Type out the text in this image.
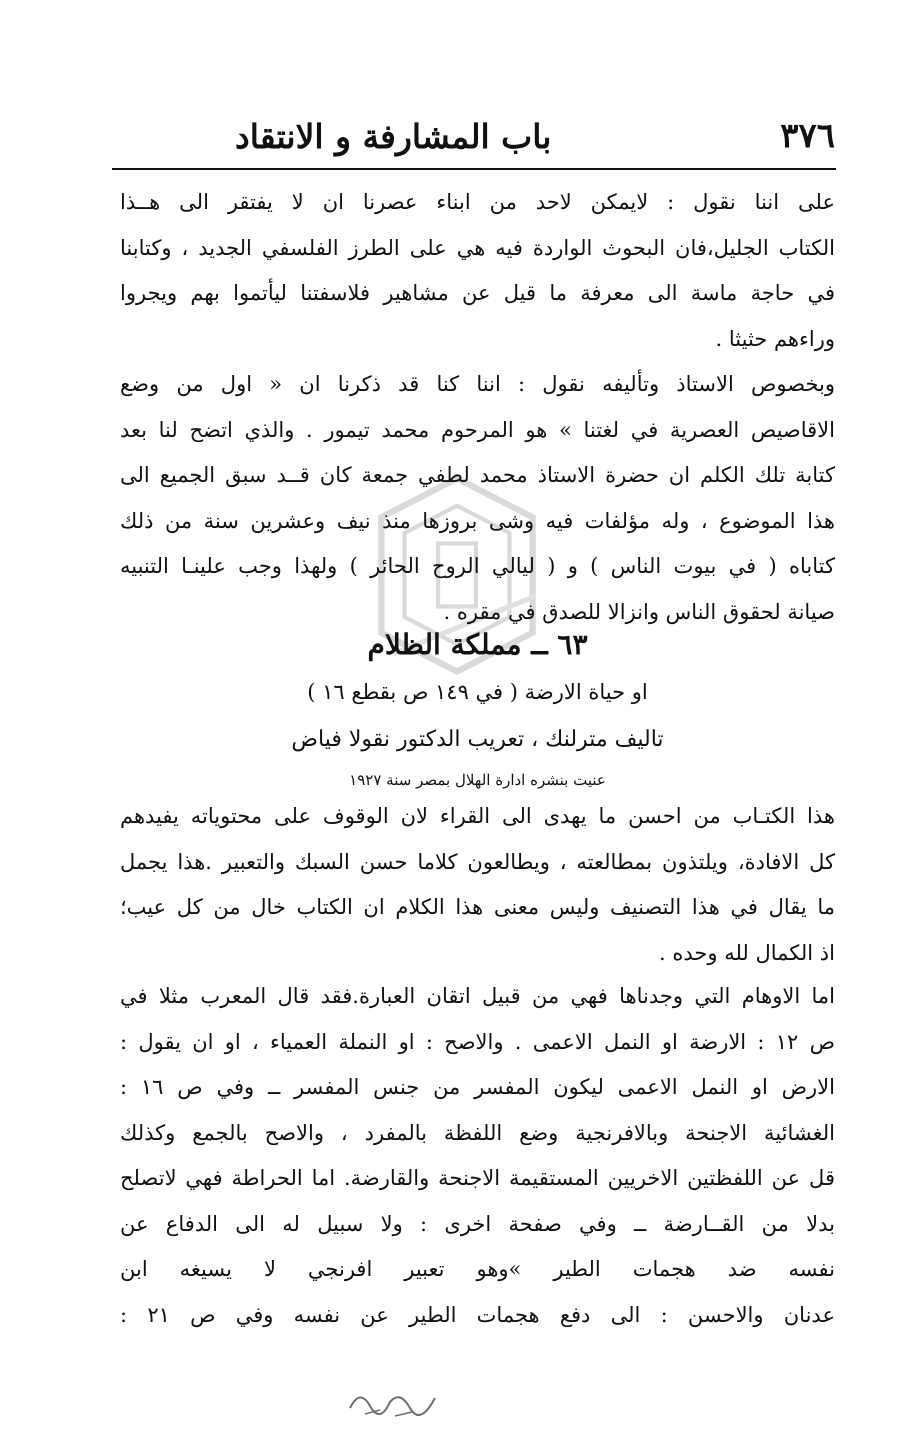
٣٧٦
باب المشارفة و الانتقاد

على اننا نقول : لايمكن لاحد من ابناء عصرنا ان لا يفتقر الى هــذا
الكتاب الجليل،فان البحوث الواردة فيه هي على الطرز الفلسفي الجديد ، وكتابنا
في حاجة ماسة الى معرفة ما قيل عن مشاهير فلاسفتنا ليأتموا بهم ويجروا
وراءهم حثيثا .

وبخصوص الاستاذ وتأليفه نقول : اننا كنا قد ذكرنا ان « اول من وضع
الاقاصيص العصرية في لغتنا » هو المرحوم محمد تيمور . والذي اتضح لنا بعد
كتابة تلك الكلم ان حضرة الاستاذ محمد لطفي جمعة كان قــد سبق الجميع الى
هذا الموضوع ، وله مؤلفات فيه وشى بروزها منذ نيف وعشرين سنة من ذلك
كتاباه ( في بيوت الناس ) و ( ليالي الروح الحائر ) ولهذا وجب علينـا التنبيه
صيانة لحقوق الناس وانزالا للصدق في مقره .

٦٣ ــ مملكة الظلام
او حياة الارضة ( في ١٤٩ ص بقطع ١٦ )
تاليف مترلنك ، تعريب الدكتور نقولا فياض
عنيت بنشره ادارة الهلال بمصر سنة ١٩٢٧

هذا الكتـاب من احسن ما يهدى الى القراء لان الوقوف على محتوياته يفيدهم
كل الافادة، ويلتذون بمطالعته ، ويطالعون كلاما حسن السبك والتعبير .هذا يجمل
ما يقال في هذا التصنيف وليس معنى هذا الكلام ان الكتاب خال من كل عيب؛
اذ الكمال لله وحده .

اما الاوهام التي وجدناها فهي من قبيل اتقان العبارة.فقد قال المعرب مثلا في
ص ١٢ : الارضة او النمل الاعمى . والاصح : او النملة العمياء ، او ان يقول :
الارض او النمل الاعمى ليكون المفسر من جنس المفسر ــ وفي ص ١٦ :
الغشائية الاجنحة وبالافرنجية وضع اللفظة بالمفرد ، والاصح بالجمع وكذلك
قل عن اللفظتين الاخريين المستقيمة الاجنحة والقارضة. اما الحراطة فهي لاتصلح
بدلا من القــارضة ــ وفي صفحة اخرى : ولا سبيل له الى الدفاع عن
نفسه ضد هجمات الطير »وهو تعبير افرنجي لا يسيغه ابن
عدنان والاحسن : الى دفع هجمات الطير عن نفسه وفي ص ٢١ :
